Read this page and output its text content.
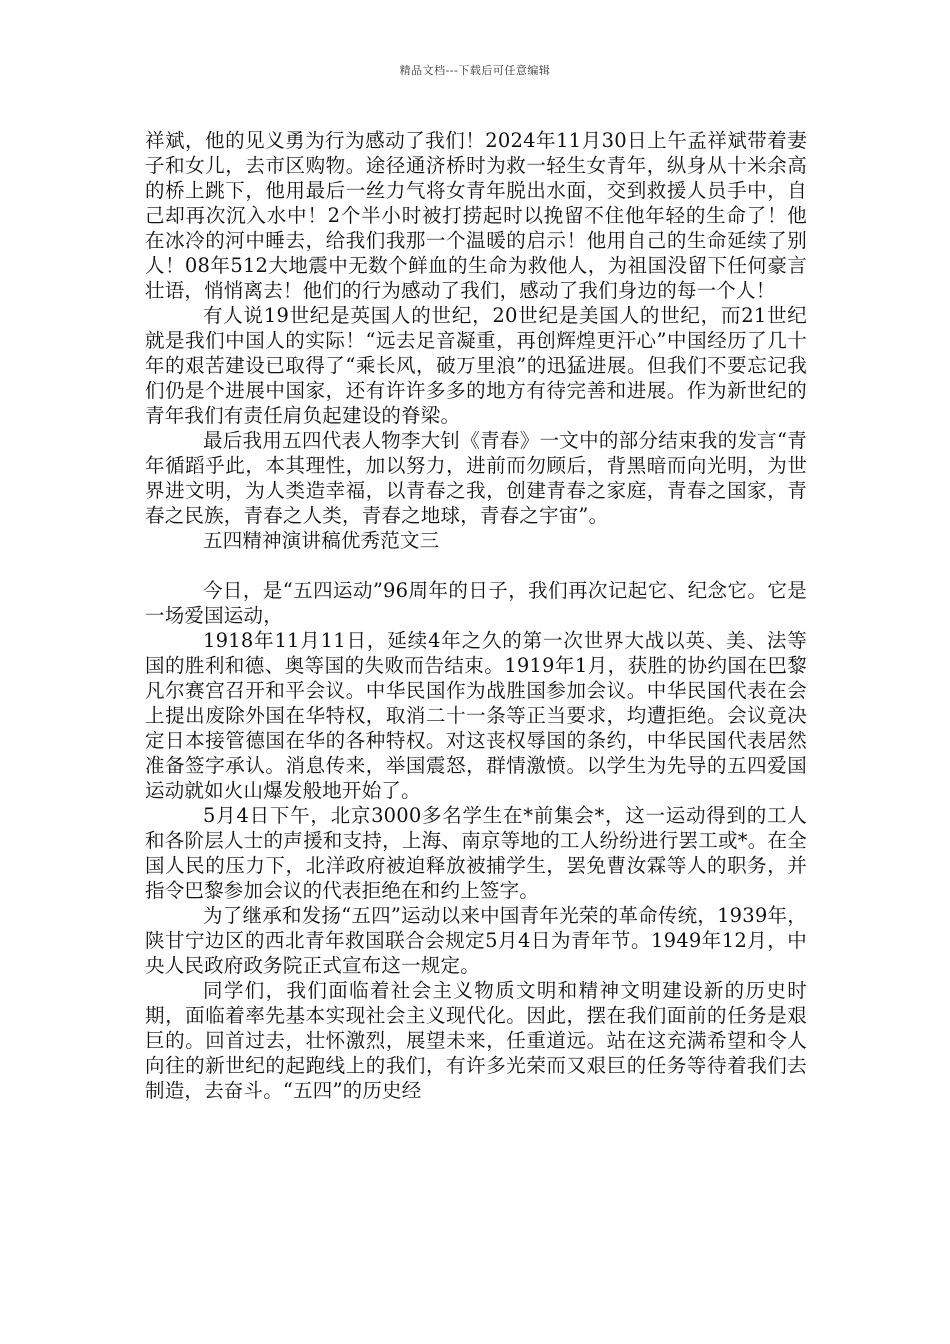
精品文档---下载后可任意编辑

祥斌，他的见义勇为行为感动了我们！2024年11月30日上午孟祥斌带着妻子和女儿，去市区购物。途径通济桥时为救一轻生女青年，纵身从十米余高的桥上跳下，他用最后一丝力气将女青年脱出水面，交到救援人员手中，自己却再次沉入水中！2个半小时被打捞起时以挽留不住他年轻的生命了！他在冰冷的河中睡去，给我们我那一个温暖的启示！他用自己的生命延续了别人！08年512大地震中无数个鲜血的生命为救他人，为祖国没留下任何豪言壮语，悄悄离去！他们的行为感动了我们，感动了我们身边的每一个人！

有人说19世纪是英国人的世纪，20世纪是美国人的世纪，而21世纪就是我们中国人的实际！“远去足音凝重，再创辉煌更汗心”中国经历了几十年的艰苦建设已取得了“乘长风，破万里浪”的迅猛进展。但我们不要忘记我们仍是个进展中国家，还有许许多多的地方有待完善和进展。作为新世纪的青年我们有责任肩负起建设的脊梁。

最后我用五四代表人物李大钊《青春》一文中的部分结束我的发言“青年循蹈乎此，本其理性，加以努力，进前而勿顾后，背黑暗而向光明，为世界进文明，为人类造幸福，以青春之我，创建青春之家庭，青春之国家，青春之民族，青春之人类，青春之地球，青春之宇宙”。

五四精神演讲稿优秀范文三

今日，是“五四运动”96周年的日子，我们再次记起它、纪念它。它是一场爱国运动，

1918年11月11日，延续4年之久的第一次世界大战以英、美、法等国的胜利和德、奥等国的失败而告结束。1919年1月，获胜的协约国在巴黎凡尔赛宫召开和平会议。中华民国作为战胜国参加会议。中华民国代表在会上提出废除外国在华特权，取消二十一条等正当要求，均遭拒绝。会议竟决定日本接管德国在华的各种特权。对这丧权辱国的条约，中华民国代表居然准备签字承认。消息传来，举国震怒，群情激愤。以学生为先导的五四爱国运动就如火山爆发般地开始了。

5月4日下午，北京3000多名学生在*前集会*，这一运动得到的工人和各阶层人士的声援和支持，上海、南京等地的工人纷纷进行罢工或*。在全国人民的压力下，北洋政府被迫释放被捕学生，罢免曹汝霖等人的职务，并指令巴黎参加会议的代表拒绝在和约上签字。

为了继承和发扬“五四”运动以来中国青年光荣的革命传统，1939年，陕甘宁边区的西北青年救国联合会规定5月4日为青年节。1949年12月，中央人民政府政务院正式宣布这一规定。

同学们，我们面临着社会主义物质文明和精神文明建设新的历史时期，面临着率先基本实现社会主义现代化。因此，摆在我们面前的任务是艰巨的。回首过去，壮怀激烈，展望未来，任重道远。站在这充满希望和令人向往的新世纪的起跑线上的我们，有许多光荣而又艰巨的任务等待着我们去制造，去奋斗。“五四”的历史经
